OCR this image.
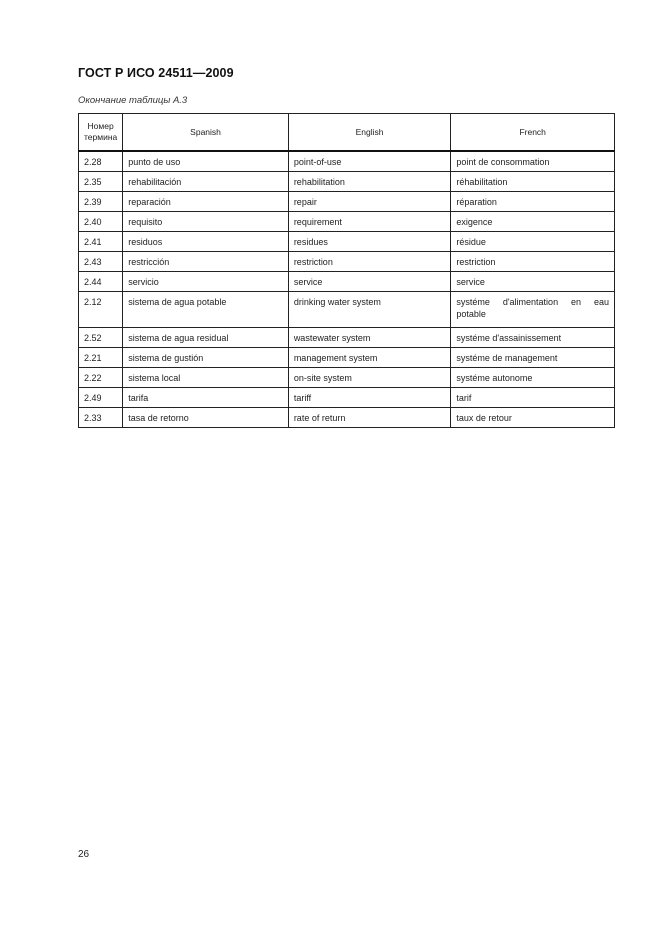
ГОСТ Р ИСО 24511—2009
Окончание таблицы А.3
Номер
термина	Spanish	English	French
2.28	punto de uso	point-of-use	point de consommation
2.35	rehabilitación	rehabilitation	réhabilitation
2.39	reparación	repair	réparation
2.40	requisito	requirement	exigence
2.41	residuos	residues	résidue
2.43	restricción	restriction	restriction
2.44	servicio	service	service
2.12	sistema de agua potable	drinking water system	systéme d'alimentation en eau potable

2.52	sistema de agua residual	wastewater system	systéme d'assainissement
2.21	sistema de gustión	management system	systéme de management
2.22	sistema local	on-site system	systéme autonome
2.49	tarifa	tariff	tarif
2.33	tasa de retorno	rate of return	taux de retour
26
